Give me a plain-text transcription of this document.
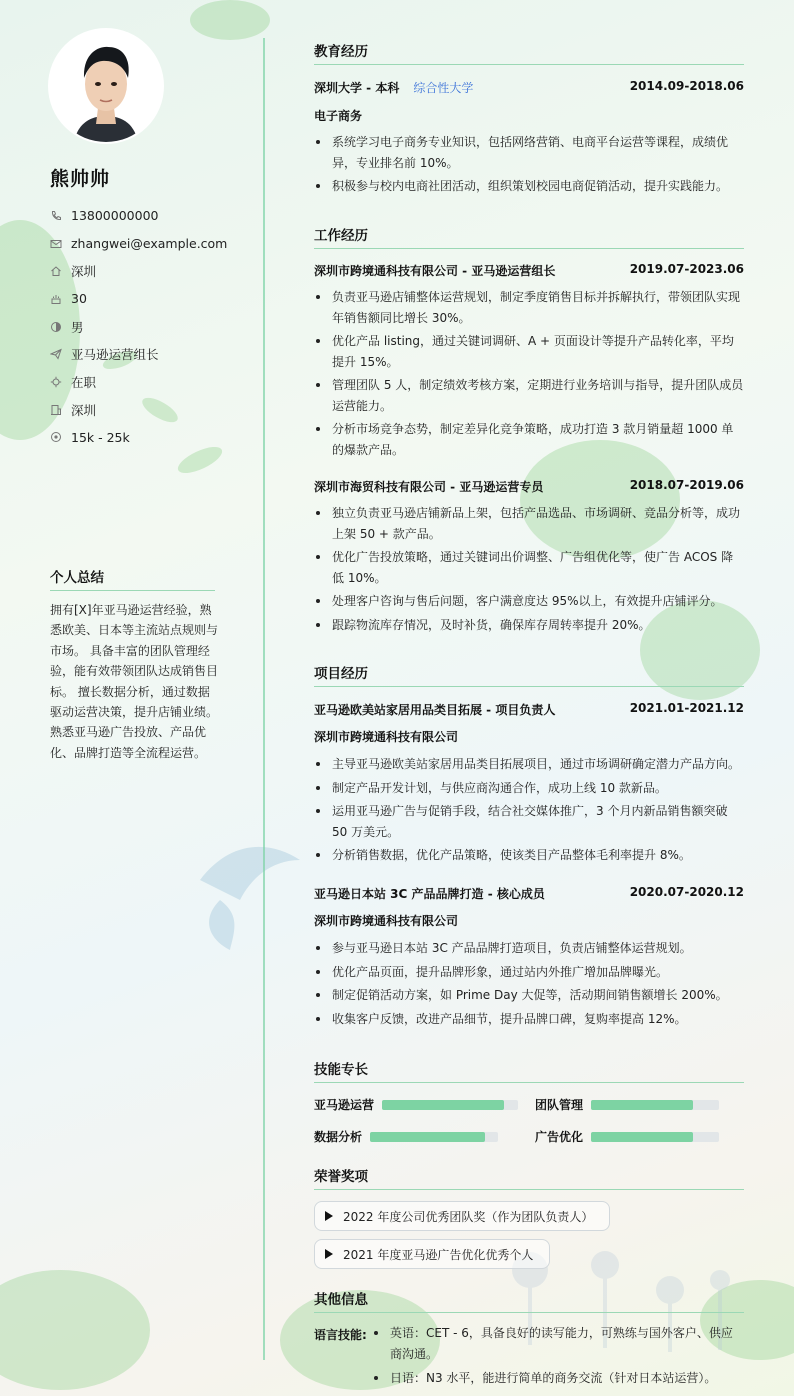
熊帅帅
13800000000
zhangwei@example.com
深圳
30
男
亚马逊运营组长
在职
深圳
15k - 25k
个人总结
拥有[X]年亚马逊运营经验，熟悉欧美、日本等主流站点规则与市场。 具备丰富的团队管理经验，能有效带领团队达成销售目标。 擅长数据分析，通过数据驱动运营决策，提升店铺业绩。 熟悉亚马逊广告投放、产品优化、品牌打造等全流程运营。
教育经历
深圳大学 - 本科 综合性大学	2014.09-2018.06
电子商务
系统学习电子商务专业知识，包括网络营销、电商平台运营等课程，成绩优异，专业排名前 10%。
积极参与校内电商社团活动，组织策划校园电商促销活动，提升实践能力。
工作经历
深圳市跨境通科技有限公司 - 亚马逊运营组长	2019.07-2023.06
负责亚马逊店铺整体运营规划，制定季度销售目标并拆解执行，带领团队实现年销售额同比增长 30%。
优化产品 listing，通过关键词调研、A + 页面设计等提升产品转化率，平均提升 15%。
管理团队 5 人，制定绩效考核方案，定期进行业务培训与指导，提升团队成员运营能力。
分析市场竞争态势，制定差异化竞争策略，成功打造 3 款月销量超 1000 单的爆款产品。
深圳市海贸科技有限公司 - 亚马逊运营专员	2018.07-2019.06
独立负责亚马逊店铺新品上架，包括产品选品、市场调研、竞品分析等，成功上架 50 + 款产品。
优化广告投放策略，通过关键词出价调整、广告组优化等，使广告 ACOS 降低 10%。
处理客户咨询与售后问题，客户满意度达 95%以上，有效提升店铺评分。
跟踪物流库存情况，及时补货，确保库存周转率提升 20%。
项目经历
亚马逊欧美站家居用品类目拓展 - 项目负责人	2021.01-2021.12
深圳市跨境通科技有限公司
主导亚马逊欧美站家居用品类目拓展项目，通过市场调研确定潜力产品方向。
制定产品开发计划，与供应商沟通合作，成功上线 10 款新品。
运用亚马逊广告与促销手段，结合社交媒体推广，3 个月内新品销售额突破 50 万美元。
分析销售数据，优化产品策略，使该类目产品整体毛利率提升 8%。
亚马逊日本站 3C 产品品牌打造 - 核心成员	2020.07-2020.12
深圳市跨境通科技有限公司
参与亚马逊日本站 3C 产品品牌打造项目，负责店铺整体运营规划。
优化产品页面，提升品牌形象，通过站内外推广增加品牌曝光。
制定促销活动方案，如 Prime Day 大促等，活动期间销售额增长 200%。
收集客户反馈，改进产品细节，提升品牌口碑，复购率提高 12%。
技能专长
亚马逊运营	团队管理
数据分析	广告优化
荣誉奖项
2022 年度公司优秀团队奖（作为团队负责人）
2021 年度亚马逊广告优化优秀个人
其他信息
语言技能:	英语：CET - 6，具备良好的读写能力，可熟练与国外客户、供应商沟通。
日语：N3 水平，能进行简单的商务交流（针对日本站运营）。
